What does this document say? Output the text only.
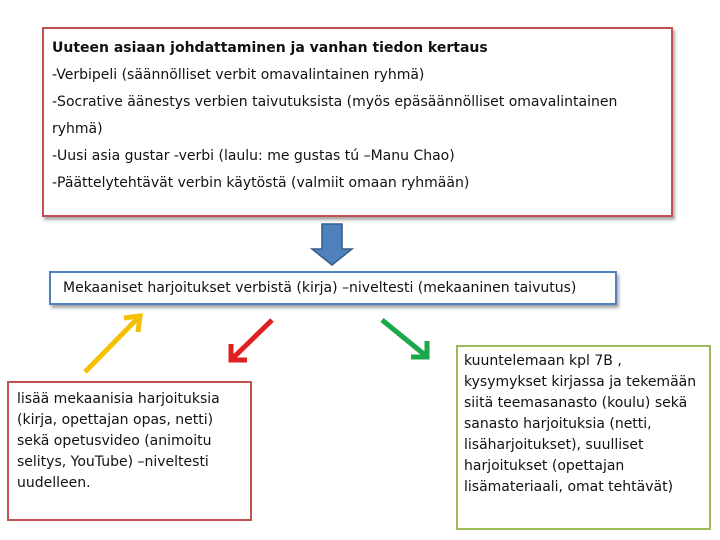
Uuteen asiaan johdattaminen ja vanhan tiedon kertaus
-Verbipeli (säännölliset verbit omavalintainen ryhmä)
-Socrative äänestys verbien taivutuksista (myös epäsäännölliset omavalintainen ryhmä)
-Uusi asia gustar -verbi (laulu: me gustas tú –Manu Chao)
-Päättelytehtävät verbin käytöstä (valmiit omaan ryhmään)
Mekaaniset harjoitukset verbistä (kirja) –niveltesti (mekaaninen taivutus)
lisää mekaanisia harjoituksia (kirja, opettajan opas, netti) sekä opetusvideo (animoitu selitys, YouTube) –niveltesti uudelleen.
kuuntelemaan kpl 7B , kysymykset kirjassa ja tekemään siitä teemasanasto (koulu) sekä sanasto harjoituksia (netti, lisäharjoitukset), suulliset harjoitukset (opettajan lisämateriaali, omat tehtävät)
